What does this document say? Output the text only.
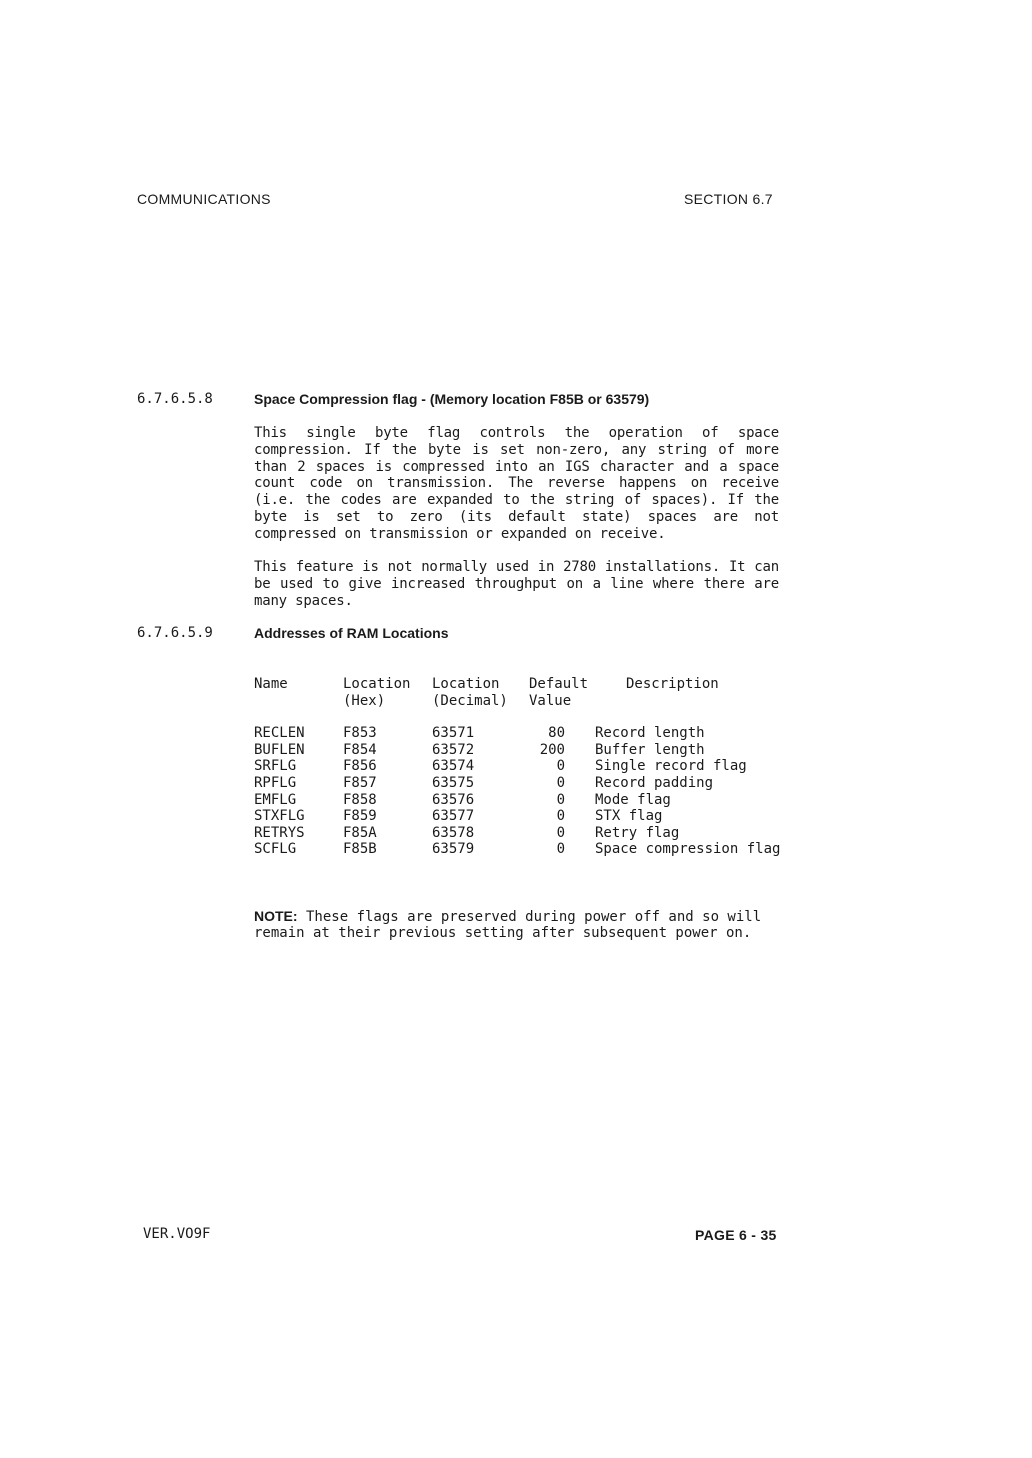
COMMUNICATIONS	SECTION 6.7
6.7.6.5.8	Space Compression flag - (Memory location F85B or 63579)
This single byte flag controls the operation of space compression. If the byte is set non-zero, any string of more than 2 spaces is compressed into an IGS character and a space count code on transmission. The reverse happens on receive (i.e. the codes are expanded to the string of spaces). If the byte is set to zero (its default state) spaces are not compressed on transmission or expanded on receive.
This feature is not normally used in 2780 installations. It can be used to give increased throughput on a line where there are many spaces.
6.7.6.5.9	Addresses of RAM Locations
Name	Location	Location	Default	Description
	(Hex)	(Decimal)	Value	

RECLEN	F853	63571	80	Record length
BUFLEN	F854	63572	200	Buffer length
SRFLG	F856	63574	0	Single record flag
RPFLG	F857	63575	0	Record padding
EMFLG	F858	63576	0	Mode flag
STXFLG	F859	63577	0	STX flag
RETRYS	F85A	63578	0	Retry flag
SCFLG	F85B	63579	0	Space compression flag
NOTE: These flags are preserved during power off and so will
remain at their previous setting after subsequent power on.
VER.VO9F	PAGE 6 - 35
